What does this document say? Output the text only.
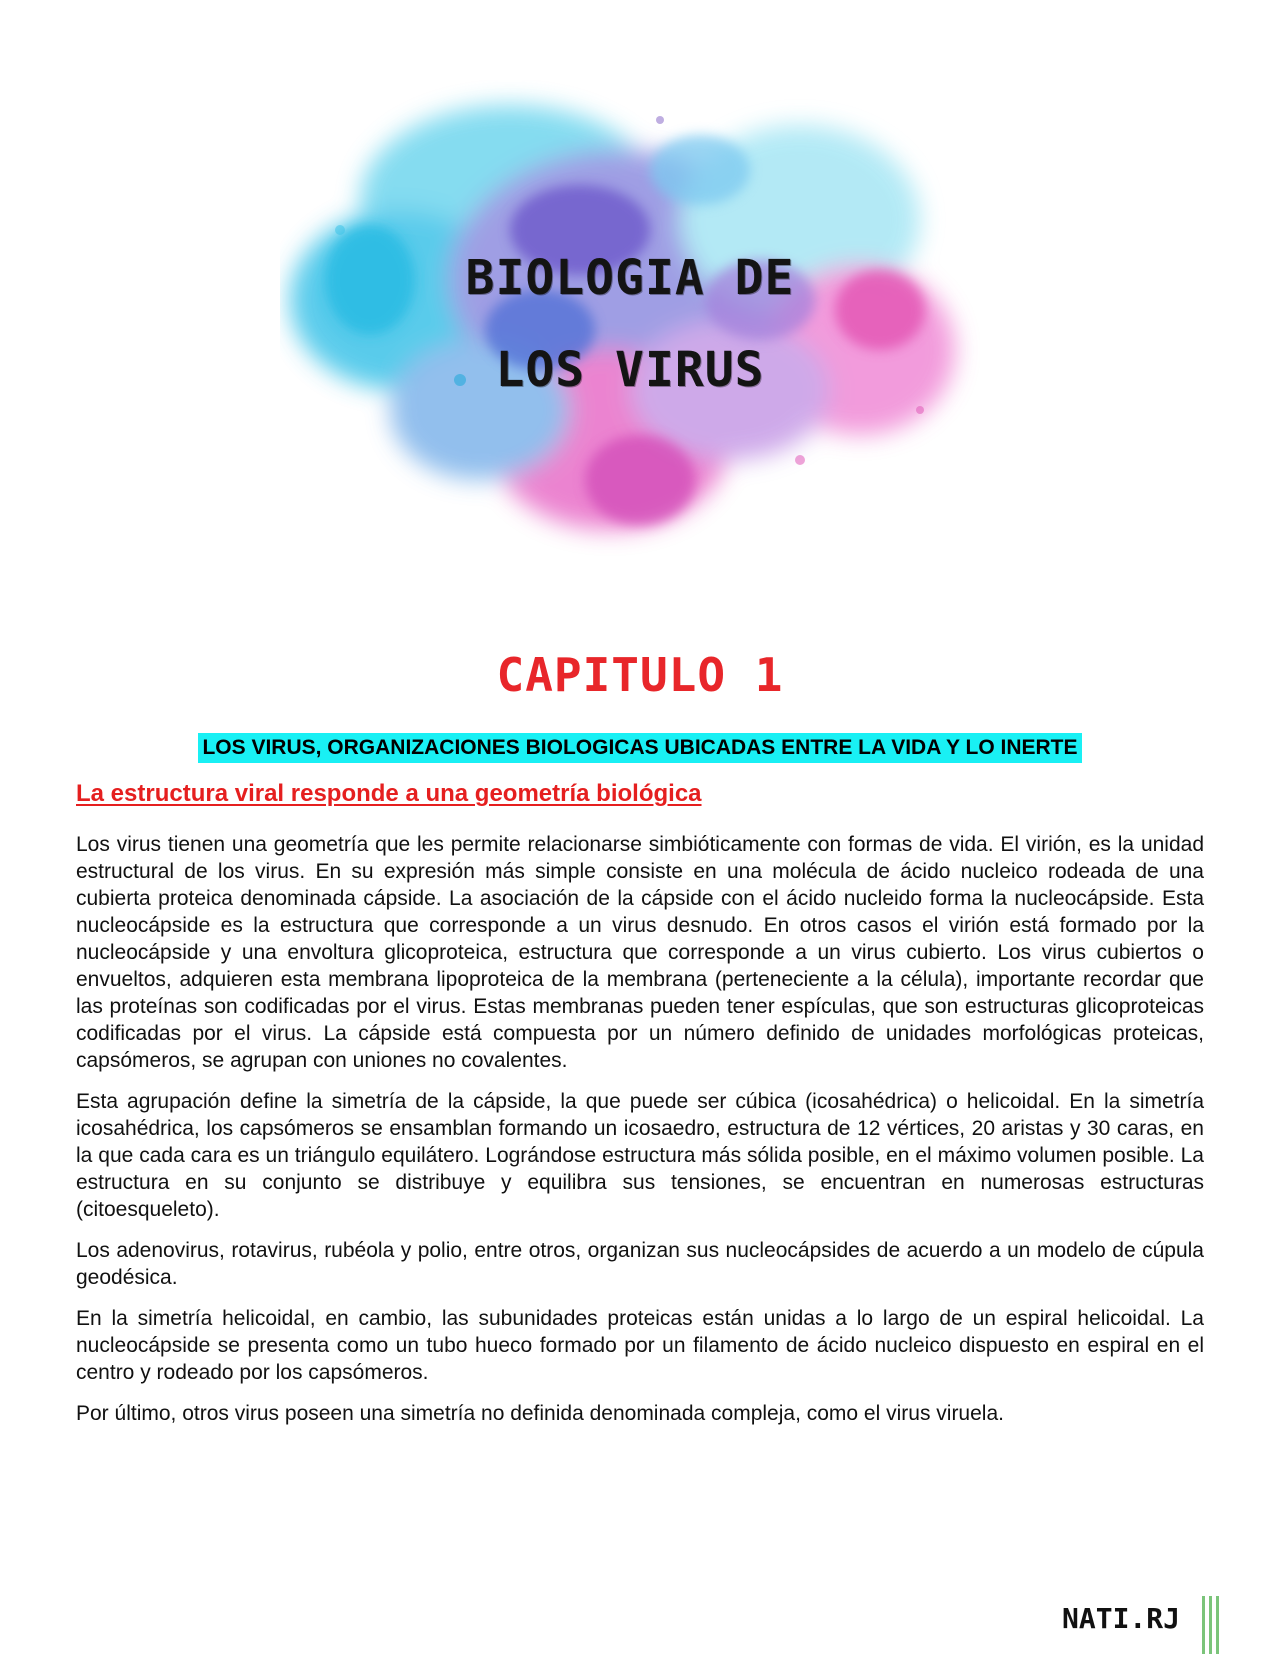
BIOLOGIA DE
LOS VIRUS
CAPITULO 1
LOS VIRUS, ORGANIZACIONES BIOLOGICAS UBICADAS ENTRE LA VIDA Y LO INERTE
La estructura viral responde a una geometría biológica

Los virus tienen una geometría que les permite relacionarse simbióticamente con formas de vida. El virión, es la unidad estructural de los virus. En su expresión más simple consiste en una molécula de ácido nucleico rodeada de una cubierta proteica denominada cápside. La asociación de la cápside con el ácido nucleido forma la nucleocápside. Esta nucleocápside es la estructura que corresponde a un virus desnudo. En otros casos el virión está formado por la nucleocápside y una envoltura glicoproteica, estructura que corresponde a un virus cubierto. Los virus cubiertos o envueltos, adquieren esta membrana lipoproteica de la membrana (perteneciente a la célula), importante recordar que las proteínas son codificadas por el virus. Estas membranas pueden tener espículas, que son estructuras glicoproteicas codificadas por el virus. La cápside está compuesta por un número definido de unidades morfológicas proteicas, capsómeros, se agrupan con uniones no covalentes.

Esta agrupación define la simetría de la cápside, la que puede ser cúbica (icosahédrica) o helicoidal. En la simetría icosahédrica, los capsómeros se ensamblan formando un icosaedro, estructura de 12 vértices, 20 aristas y 30 caras, en la que cada cara es un triángulo equilátero. Lográndose estructura más sólida posible, en el máximo volumen posible. La estructura en su conjunto se distribuye y equilibra sus tensiones, se encuentran en numerosas estructuras (citoesqueleto).

Los adenovirus, rotavirus, rubéola y polio, entre otros, organizan sus nucleocápsides de acuerdo a un modelo de cúpula geodésica.

En la simetría helicoidal, en cambio, las subunidades proteicas están unidas a lo largo de un espiral helicoidal. La nucleocápside se presenta como un tubo hueco formado por un filamento de ácido nucleico dispuesto en espiral en el centro y rodeado por los capsómeros.

Por último, otros virus poseen una simetría no definida denominada compleja, como el virus viruela.

NATI.RJ
